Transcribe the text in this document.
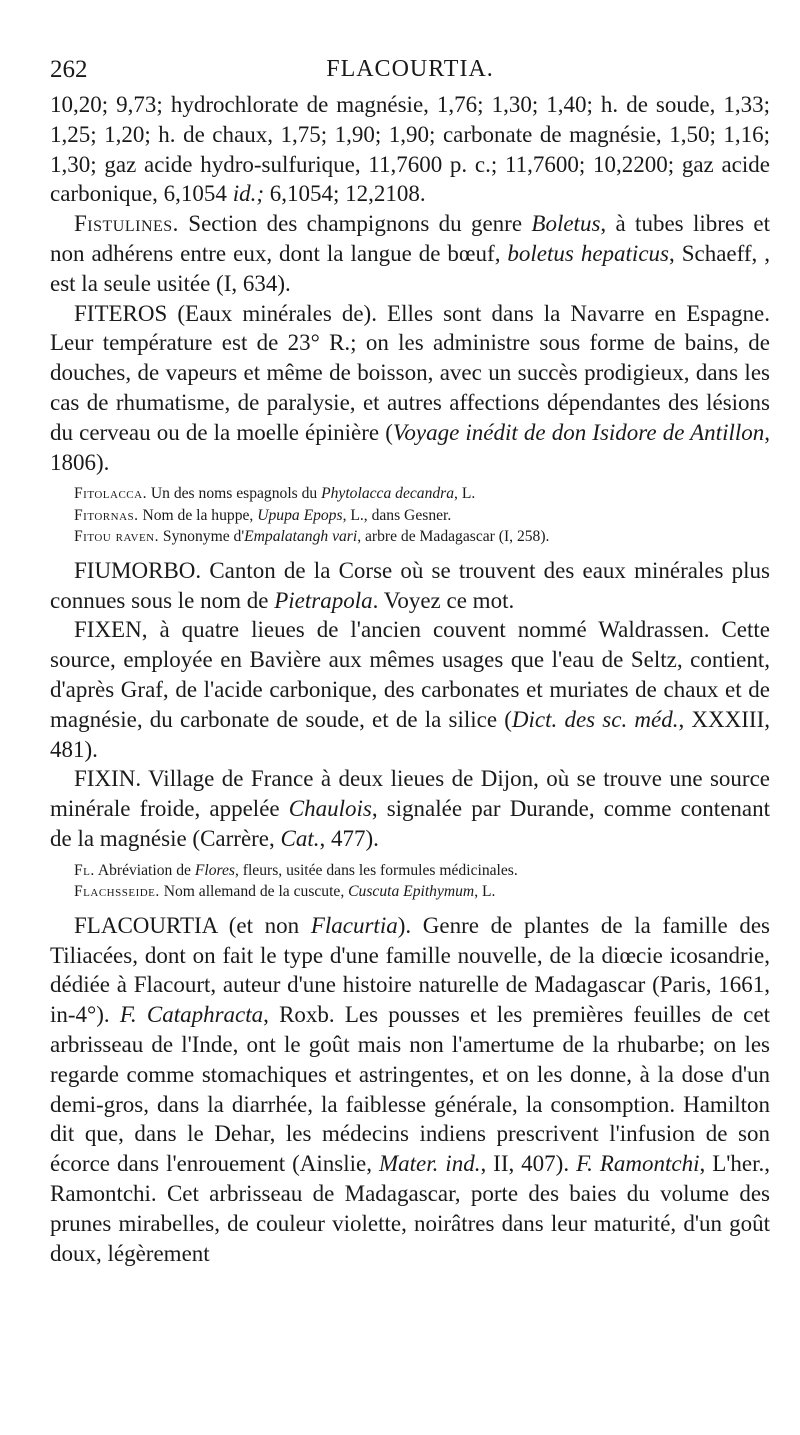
262	FLACOURTIA.

10,20; 9,73; hydrochlorate de magnésie, 1,76; 1,30; 1,40; h. de soude, 1,33; 1,25; 1,20; h. de chaux, 1,75; 1,90; 1,90; carbonate de magnésie, 1,50; 1,16; 1,30; gaz acide hydro-sulfurique, 11,7600 p. c.; 11,7600; 10,2200; gaz acide carbonique, 6,1054 id.; 6,1054; 12,2108.

Fistulines. Section des champignons du genre Boletus, à tubes libres et non adhérens entre eux, dont la langue de bœuf, boletus hepaticus, Schaeff, , est la seule usitée (I, 634).

FITEROS (Eaux minérales de). Elles sont dans la Navarre en Espagne. Leur température est de 23° R.; on les administre sous forme de bains, de douches, de vapeurs et même de boisson, avec un succès prodigieux, dans les cas de rhumatisme, de paralysie, et autres affections dépendantes des lésions du cerveau ou de la moelle épinière (Voyage inédit de don Isidore de Antillon, 1806).

Fitolacca. Un des noms espagnols du Phytolacca decandra, L.

Fitornas. Nom de la huppe, Upupa Epops, L., dans Gesner.

Fitou raven. Synonyme d'Empalatangh vari, arbre de Madagascar (I, 258).

FIUMORBO. Canton de la Corse où se trouvent des eaux minérales plus connues sous le nom de Pietrapola. Voyez ce mot.

FIXEN, à quatre lieues de l'ancien couvent nommé Waldrassen. Cette source, employée en Bavière aux mêmes usages que l'eau de Seltz, contient, d'après Graf, de l'acide carbonique, des carbonates et muriates de chaux et de magnésie, du carbonate de soude, et de la silice (Dict. des sc. méd., XXXIII, 481).

FIXIN. Village de France à deux lieues de Dijon, où se trouve une source minérale froide, appelée Chaulois, signalée par Durande, comme contenant de la magnésie (Carrère, Cat., 477).

Fl. Abréviation de Flores, fleurs, usitée dans les formules médicinales.

Flachsseide. Nom allemand de la cuscute, Cuscuta Epithymum, L.

FLACOURTIA (et non Flacurtia). Genre de plantes de la famille des Tiliacées, dont on fait le type d'une famille nouvelle, de la diœcie icosandrie, dédiée à Flacourt, auteur d'une histoire naturelle de Madagascar (Paris, 1661, in-4°). F. Cataphracta, Roxb. Les pousses et les premières feuilles de cet arbrisseau de l'Inde, ont le goût mais non l'amertume de la rhubarbe; on les regarde comme stomachiques et astringentes, et on les donne, à la dose d'un demi-gros, dans la diarrhée, la faiblesse générale, la consomption. Hamilton dit que, dans le Dehar, les médecins indiens prescrivent l'infusion de son écorce dans l'enrouement (Ainslie, Mater. ind., II, 407). F. Ramontchi, L'her., Ramontchi. Cet arbrisseau de Madagascar, porte des baies du volume des prunes mirabelles, de couleur violette, noirâtres dans leur maturité, d'un goût doux, légèrement
